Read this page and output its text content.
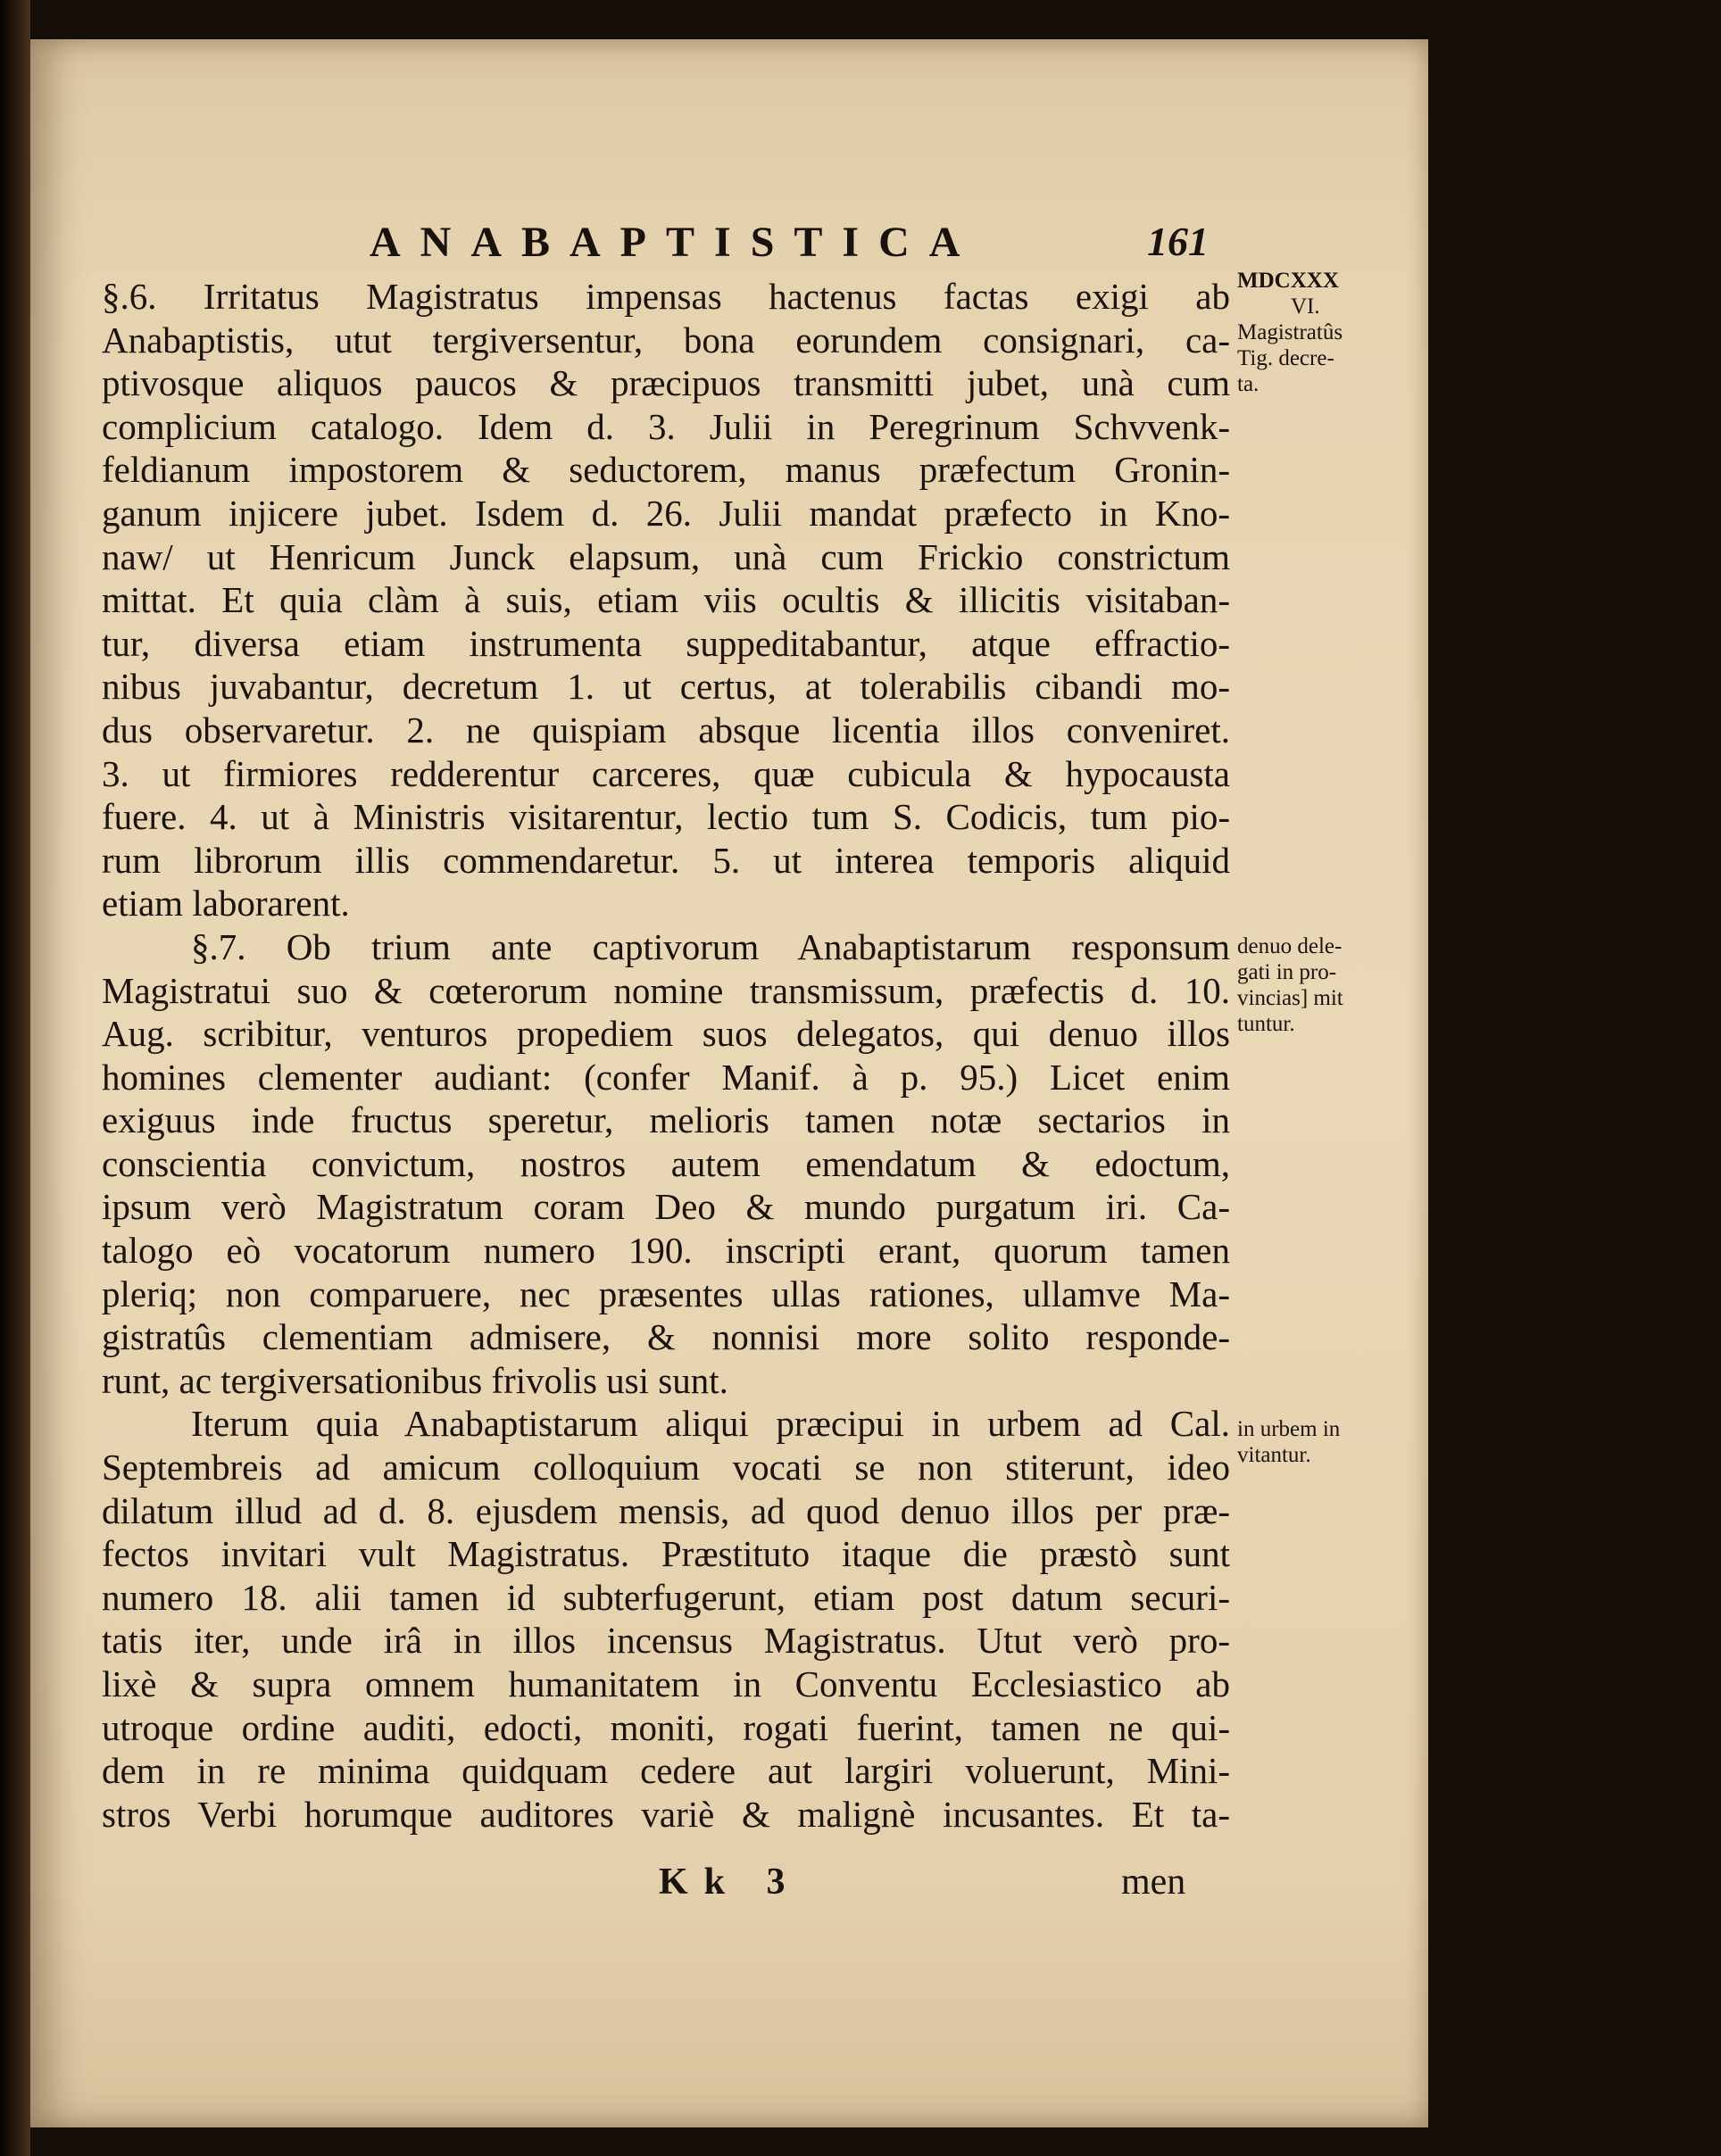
ANABAPTISTICA	161
§.6. Irritatus Magistratus impensas hactenus factas exigi ab
Anabaptistis, utut tergiversentur, bona eorundem consignari, ca-
ptivosque aliquos paucos & præcipuos transmitti jubet, unà cum
complicium catalogo. Idem d. 3. Julii in Peregrinum Schvvenk-
feldianum impostorem & seductorem, manus præfectum Gronin-
ganum injicere jubet. Isdem d. 26. Julii mandat præfecto in Kno-
naw/ ut Henricum Junck elapsum, unà cum Frickio constrictum
mittat. Et quia clàm à suis, etiam viis ocultis & illicitis visitaban-
tur, diversa etiam instrumenta suppeditabantur, atque effractio-
nibus juvabantur, decretum 1. ut certus, at tolerabilis cibandi mo-
dus observaretur. 2. ne quispiam absque licentia illos conveniret.
3. ut firmiores redderentur carceres, quæ cubicula & hypocausta
fuere. 4. ut à Ministris visitarentur, lectio tum S. Codicis, tum pio-
rum librorum illis commendaretur. 5. ut interea temporis aliquid
etiam laborarent.
§.7. Ob trium ante captivorum Anabaptistarum responsum
Magistratui suo & cœterorum nomine transmissum, præfectis d. 10.
Aug. scribitur, venturos propediem suos delegatos, qui denuo illos
homines clementer audiant: (confer Manif. à p. 95.) Licet enim
exiguus inde fructus speretur, melioris tamen notæ sectarios in
conscientia convictum, nostros autem emendatum & edoctum,
ipsum verò Magistratum coram Deo & mundo purgatum iri. Ca-
talogo eò vocatorum numero 190. inscripti erant, quorum tamen
pleriq; non comparuere, nec præsentes ullas rationes, ullamve Ma-
gistratûs clementiam admisere, & nonnisi more solito responde-
runt, ac tergiversationibus frivolis usi sunt.
Iterum quia Anabaptistarum aliqui præcipui in urbem ad Cal.
Septembreis ad amicum colloquium vocati se non stiterunt, ideo
dilatum illud ad d. 8. ejusdem mensis, ad quod denuo illos per præ-
fectos invitari vult Magistratus. Præstituto itaque die præstò sunt
numero 18. alii tamen id subterfugerunt, etiam post datum securi-
tatis iter, unde irâ in illos incensus Magistratus. Utut verò pro-
lixè & supra omnem humanitatem in Conventu Ecclesiastico ab
utroque ordine auditi, edocti, moniti, rogati fuerint, tamen ne qui-
dem in re minima quidquam cedere aut largiri voluerunt, Mini-
stros Verbi horumque auditores variè & malignè incusantes. Et ta-
MDCXXX
VI.
Magistratûs
Tig. decre-
ta.
denuo dele-
gati in pro-
vincias] mit
tuntur.
in urbem in
vitantur.
Kk 3	men
